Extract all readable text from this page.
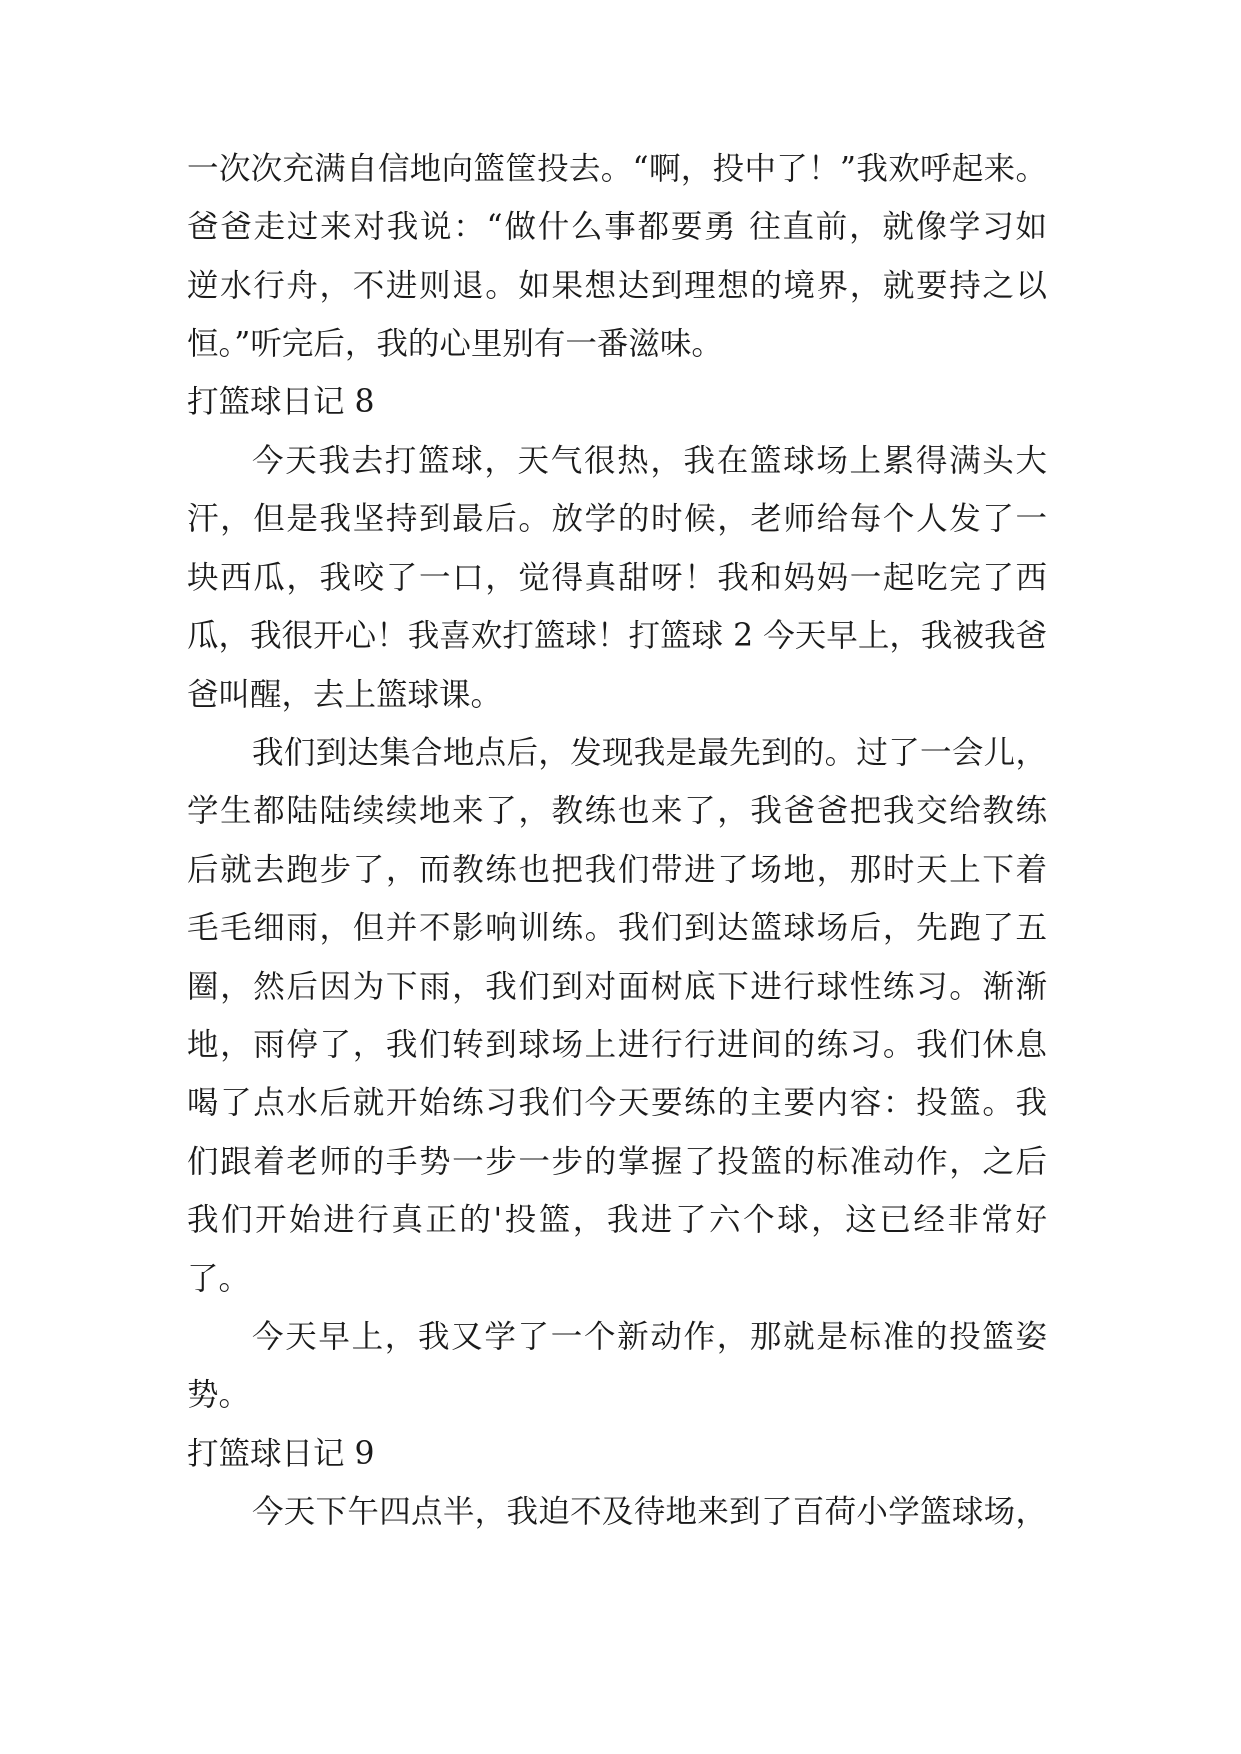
一次次充满自信地向篮筐投去。“啊，投中了！”我欢呼起来。
爸爸走过来对我说：“做什么事都要勇 往直前，就像学习如
逆水行舟，不进则退。如果想达到理想的境界，就要持之以
恒。”听完后，我的心里别有一番滋味。
打篮球日记 8
今天我去打篮球，天气很热，我在篮球场上累得满头大
汗，但是我坚持到最后。放学的时候，老师给每个人发了一
块西瓜，我咬了一口，觉得真甜呀！我和妈妈一起吃完了西
瓜，我很开心！我喜欢打篮球！打篮球 2 今天早上，我被我爸
爸叫醒，去上篮球课。
我们到达集合地点后，发现我是最先到的。过了一会儿，
学生都陆陆续续地来了，教练也来了，我爸爸把我交给教练
后就去跑步了，而教练也把我们带进了场地，那时天上下着
毛毛细雨，但并不影响训练。我们到达篮球场后，先跑了五
圈，然后因为下雨，我们到对面树底下进行球性练习。渐渐
地，雨停了，我们转到球场上进行行进间的练习。我们休息
喝了点水后就开始练习我们今天要练的主要内容：投篮。我
们跟着老师的手势一步一步的掌握了投篮的标准动作，之后
我们开始进行真正的'投篮，我进了六个球，这已经非常好
了。
今天早上，我又学了一个新动作，那就是标准的投篮姿
势。
打篮球日记 9
今天下午四点半，我迫不及待地来到了百荷小学篮球场，
